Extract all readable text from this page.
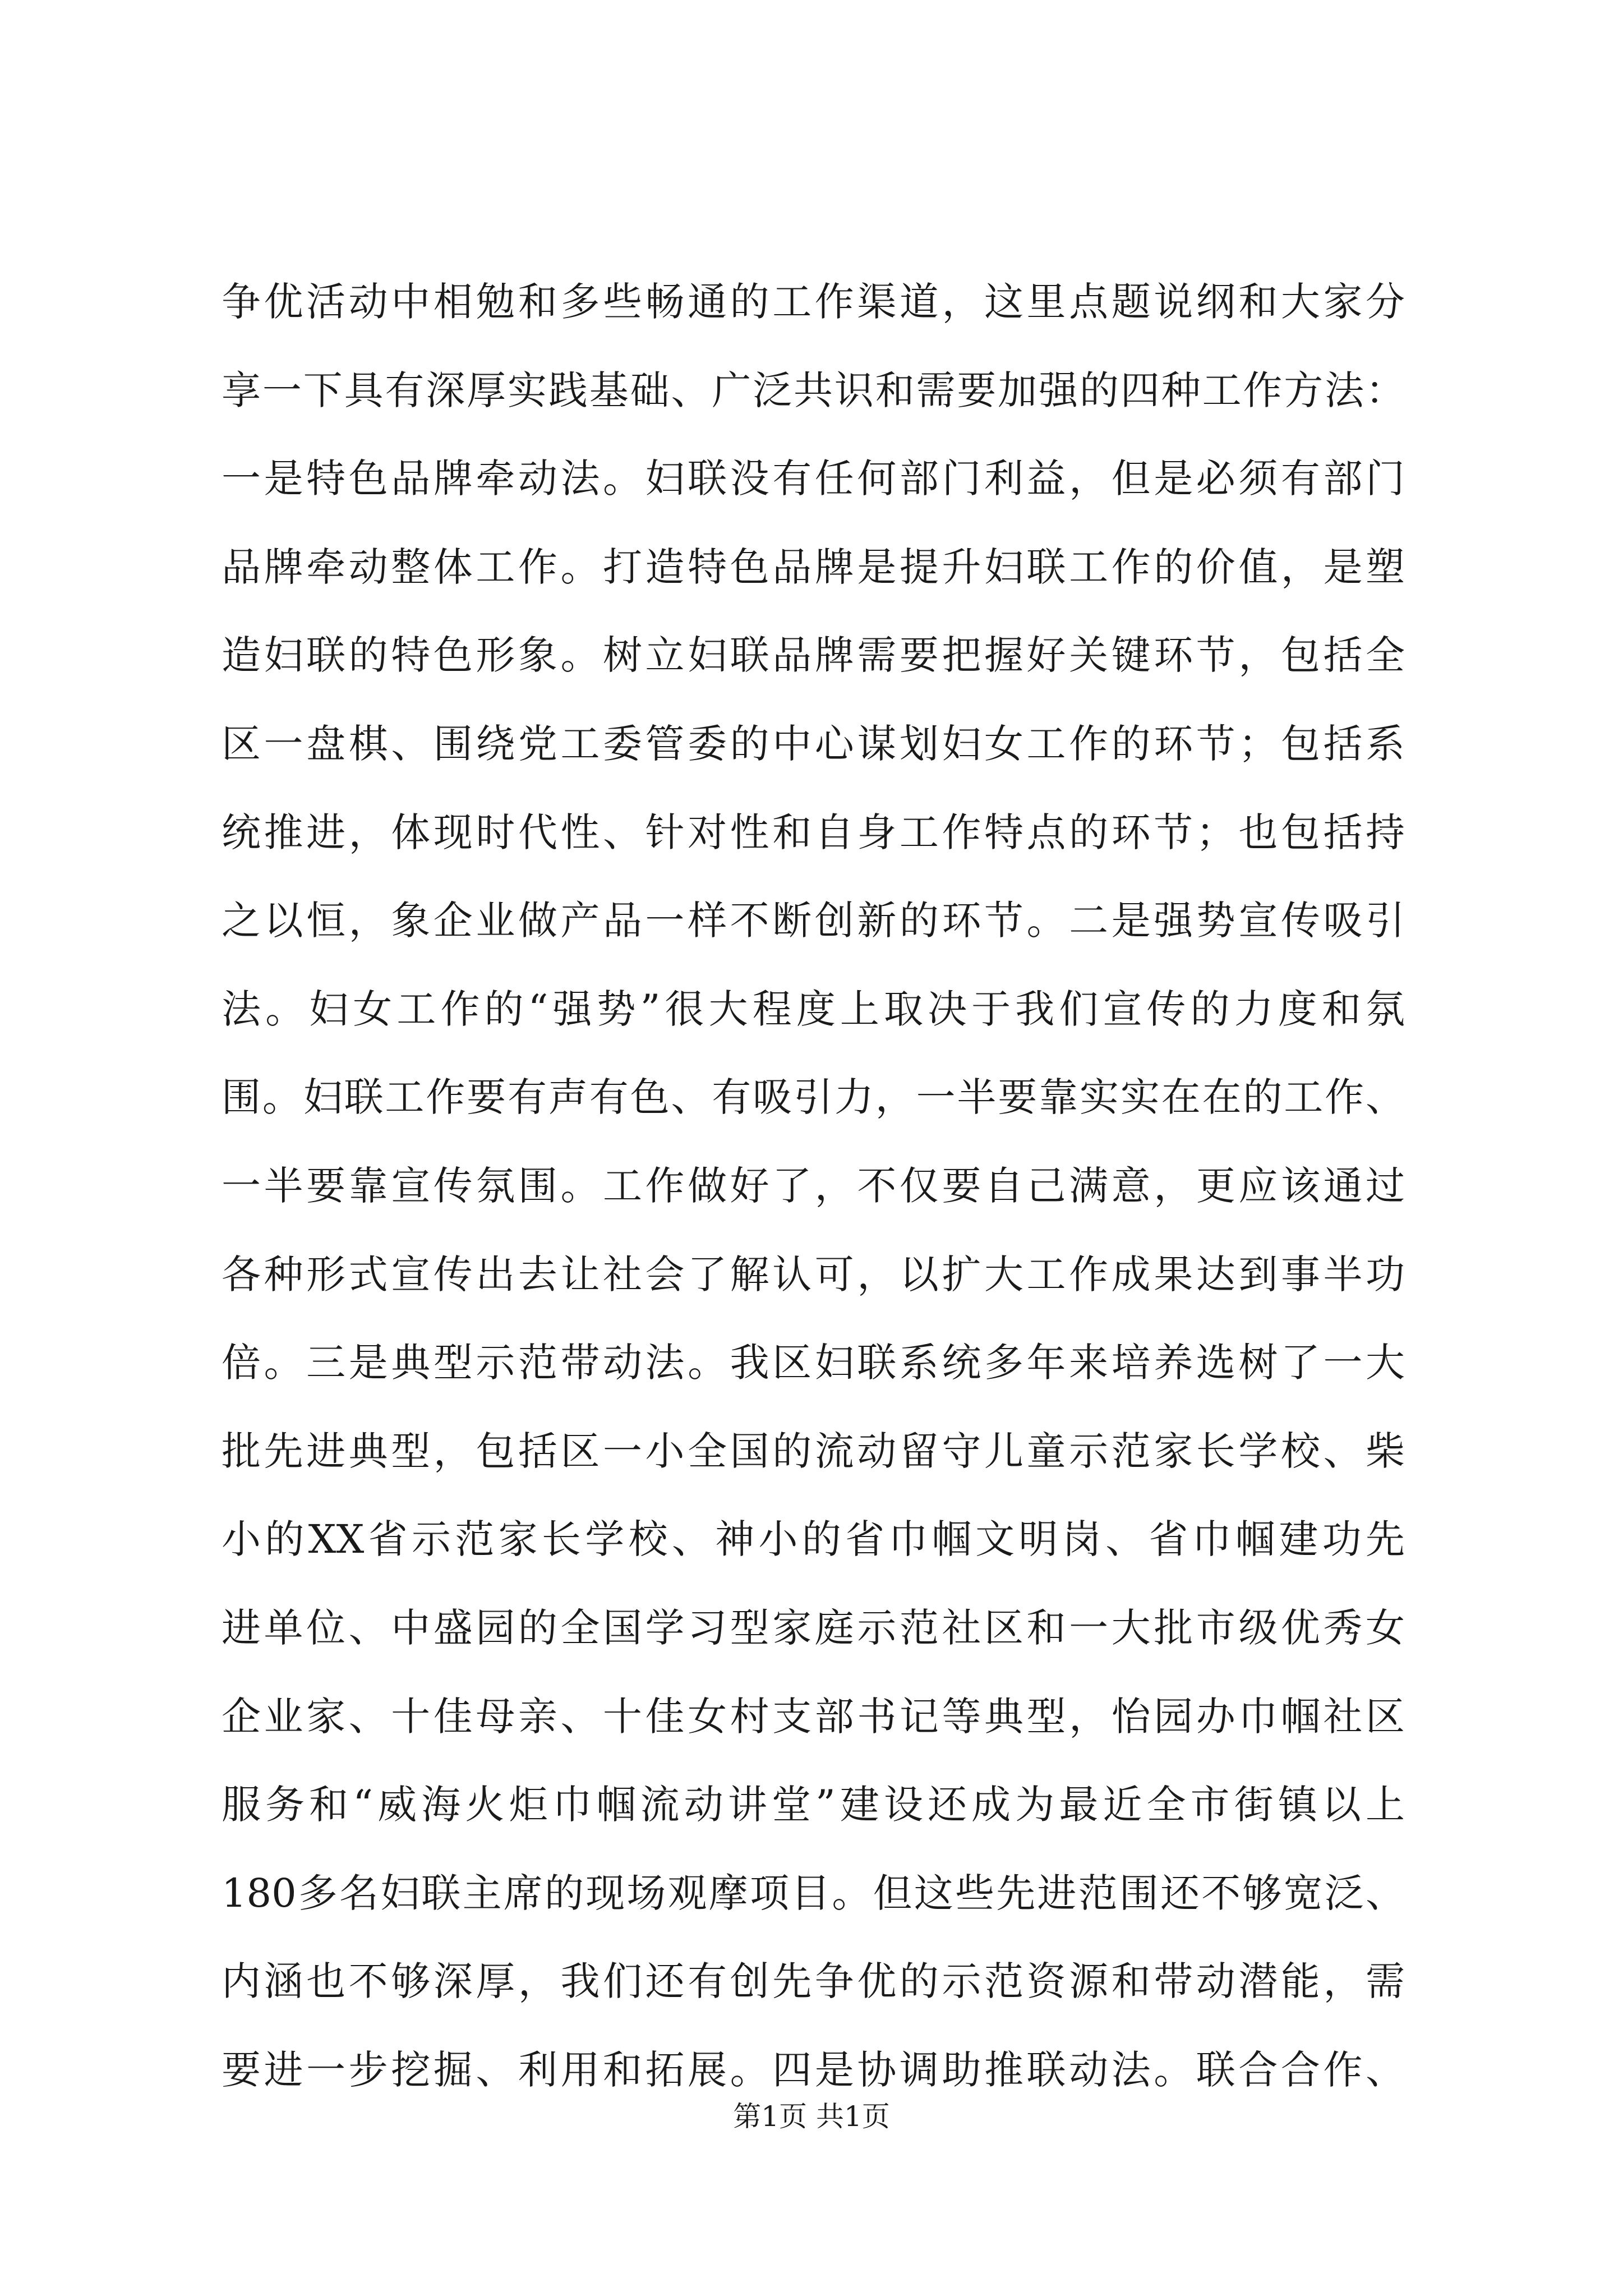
争优活动中相勉和多些畅通的工作渠道，这里点题说纲和大家分
享一下具有深厚实践基础、广泛共识和需要加强的四种工作方法：
一是特色品牌牵动法。妇联没有任何部门利益，但是必须有部门
品牌牵动整体工作。打造特色品牌是提升妇联工作的价值，是塑
造妇联的特色形象。树立妇联品牌需要把握好关键环节，包括全
区一盘棋、围绕党工委管委的中心谋划妇女工作的环节；包括系
统推进，体现时代性、针对性和自身工作特点的环节；也包括持
之以恒，象企业做产品一样不断创新的环节。二是强势宣传吸引
法。妇女工作的“强势”很大程度上取决于我们宣传的力度和氛
围。妇联工作要有声有色、有吸引力，一半要靠实实在在的工作、
一半要靠宣传氛围。工作做好了，不仅要自己满意，更应该通过
各种形式宣传出去让社会了解认可，以扩大工作成果达到事半功
倍。三是典型示范带动法。我区妇联系统多年来培养选树了一大
批先进典型，包括区一小全国的流动留守儿童示范家长学校、柴
小的XX省示范家长学校、神小的省巾帼文明岗、省巾帼建功先
进单位、中盛园的全国学习型家庭示范社区和一大批市级优秀女
企业家、十佳母亲、十佳女村支部书记等典型，怡园办巾帼社区
服务和“威海火炬巾帼流动讲堂”建设还成为最近全市街镇以上
180多名妇联主席的现场观摩项目。但这些先进范围还不够宽泛、
内涵也不够深厚，我们还有创先争优的示范资源和带动潜能，需
要进一步挖掘、利用和拓展。四是协调助推联动法。联合合作、
第1页 共1页
